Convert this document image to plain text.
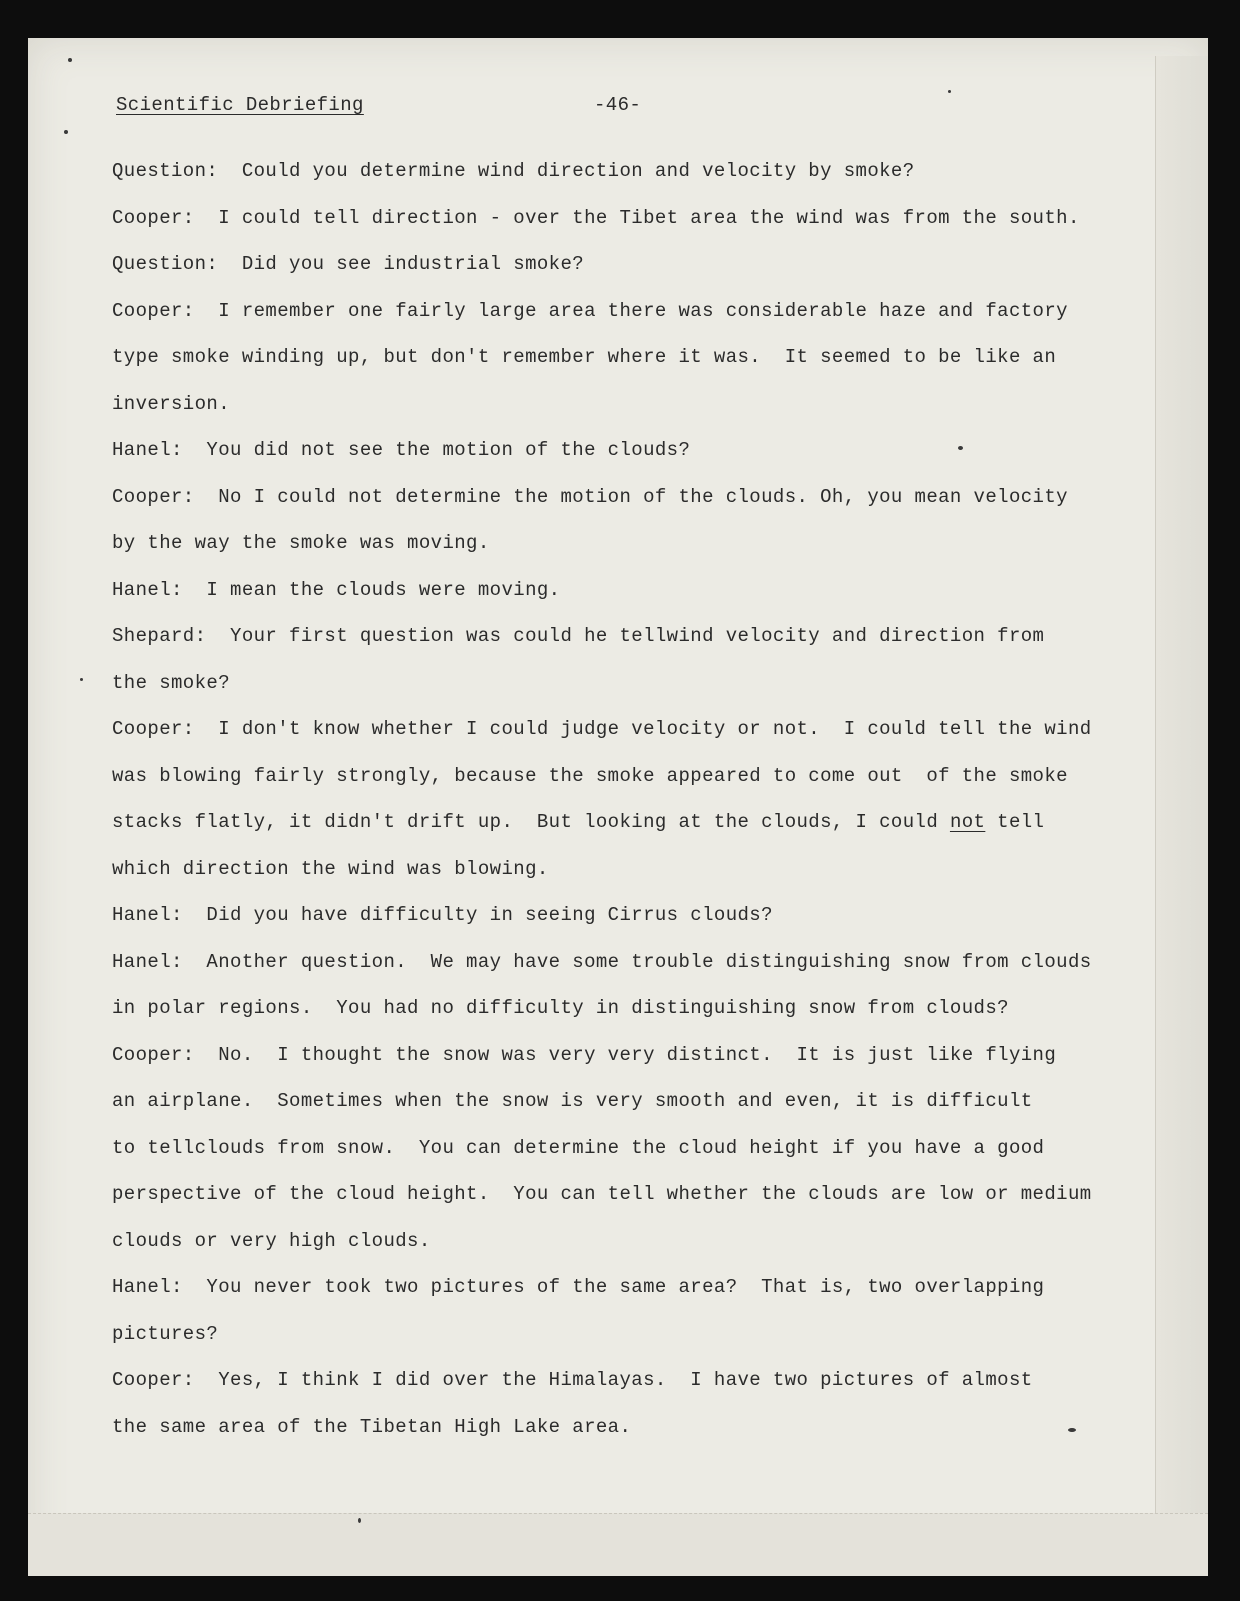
Scientific Debriefing	-46-
Question:  Could you determine wind direction and velocity by smoke?
Cooper:  I could tell direction - over the Tibet area the wind was from the south.
Question:  Did you see industrial smoke?
Cooper:  I remember one fairly large area there was considerable haze and factory
type smoke winding up, but don't remember where it was.  It seemed to be like an
inversion.
Hanel:  You did not see the motion of the clouds?
Cooper:  No I could not determine the motion of the clouds. Oh, you mean velocity
by the way the smoke was moving.
Hanel:  I mean the clouds were moving.
Shepard:  Your first question was could he tellwind velocity and direction from
the smoke?
Cooper:  I don't know whether I could judge velocity or not.  I could tell the wind
was blowing fairly strongly, because the smoke appeared to come out  of the smoke
stacks flatly, it didn't drift up.  But looking at the clouds, I could not tell
which direction the wind was blowing.
Hanel:  Did you have difficulty in seeing Cirrus clouds?
Hanel:  Another question.  We may have some trouble distinguishing snow from clouds
in polar regions.  You had no difficulty in distinguishing snow from clouds?
Cooper:  No.  I thought the snow was very very distinct.  It is just like flying
an airplane.  Sometimes when the snow is very smooth and even, it is difficult
to tellclouds from snow.  You can determine the cloud height if you have a good
perspective of the cloud height.  You can tell whether the clouds are low or medium
clouds or very high clouds.
Hanel:  You never took two pictures of the same area?  That is, two overlapping
pictures?
Cooper:  Yes, I think I did over the Himalayas.  I have two pictures of almost
the same area of the Tibetan High Lake area.
